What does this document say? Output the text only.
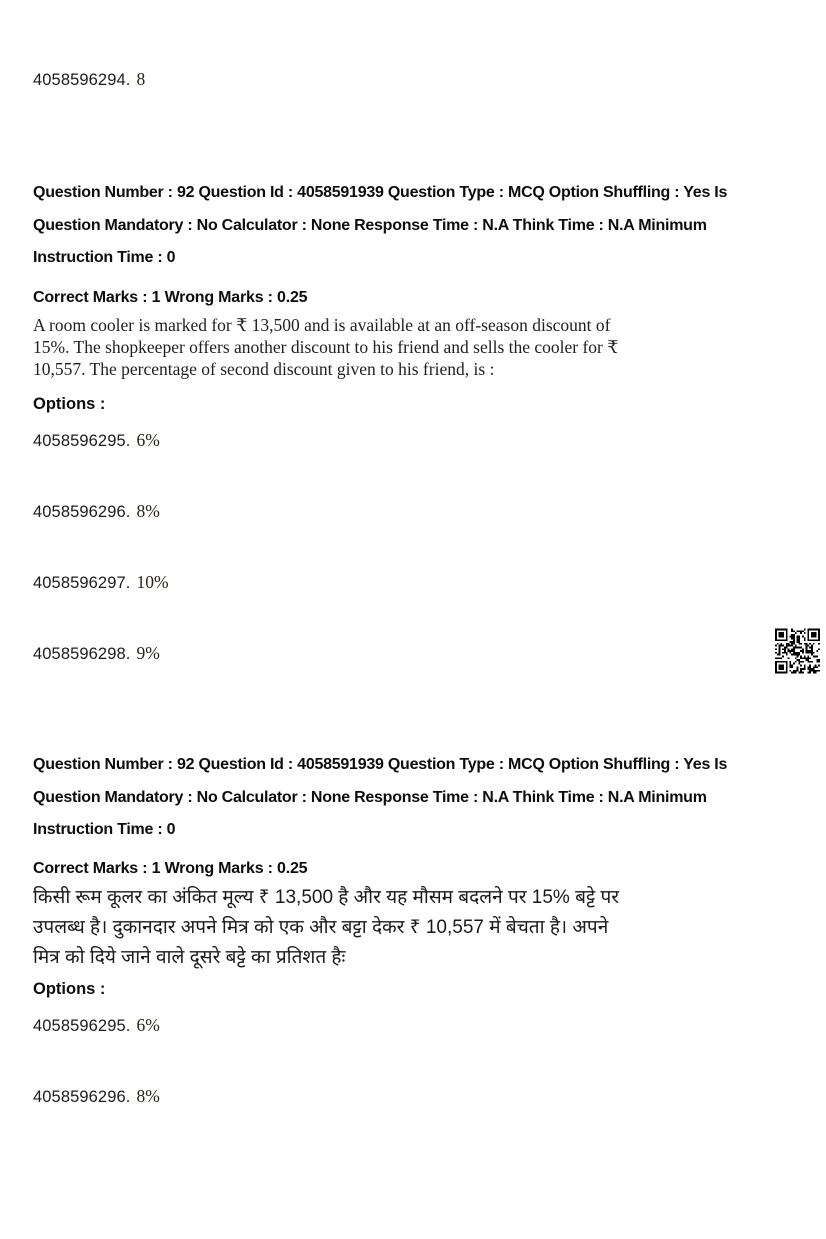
4058596294. 8
Question Number : 92 Question Id : 4058591939 Question Type : MCQ Option Shuffling : Yes Is
Question Mandatory : No Calculator : None Response Time : N.A Think Time : N.A Minimum
Instruction Time : 0
Correct Marks : 1 Wrong Marks : 0.25
A room cooler is marked for ₹ 13,500 and is available at an off-season discount of
15%. The shopkeeper offers another discount to his friend and sells the cooler for ₹
10,557. The percentage of second discount given to his friend, is :
Options :
4058596295. 6%
4058596296. 8%
4058596297. 10%
4058596298. 9%
Question Number : 92 Question Id : 4058591939 Question Type : MCQ Option Shuffling : Yes Is
Question Mandatory : No Calculator : None Response Time : N.A Think Time : N.A Minimum
Instruction Time : 0
Correct Marks : 1 Wrong Marks : 0.25
किसी रूम कूलर का अंकित मूल्य ₹ 13,500 है और यह मौसम बदलने पर 15% बट्टे पर
उपलब्ध है। दुकानदार अपने मित्र को एक और बट्टा देकर ₹ 10,557 में बेचता है। अपने
मित्र को दिये जाने वाले दूसरे बट्टे का प्रतिशत हैः
Options :
4058596295. 6%
4058596296. 8%
